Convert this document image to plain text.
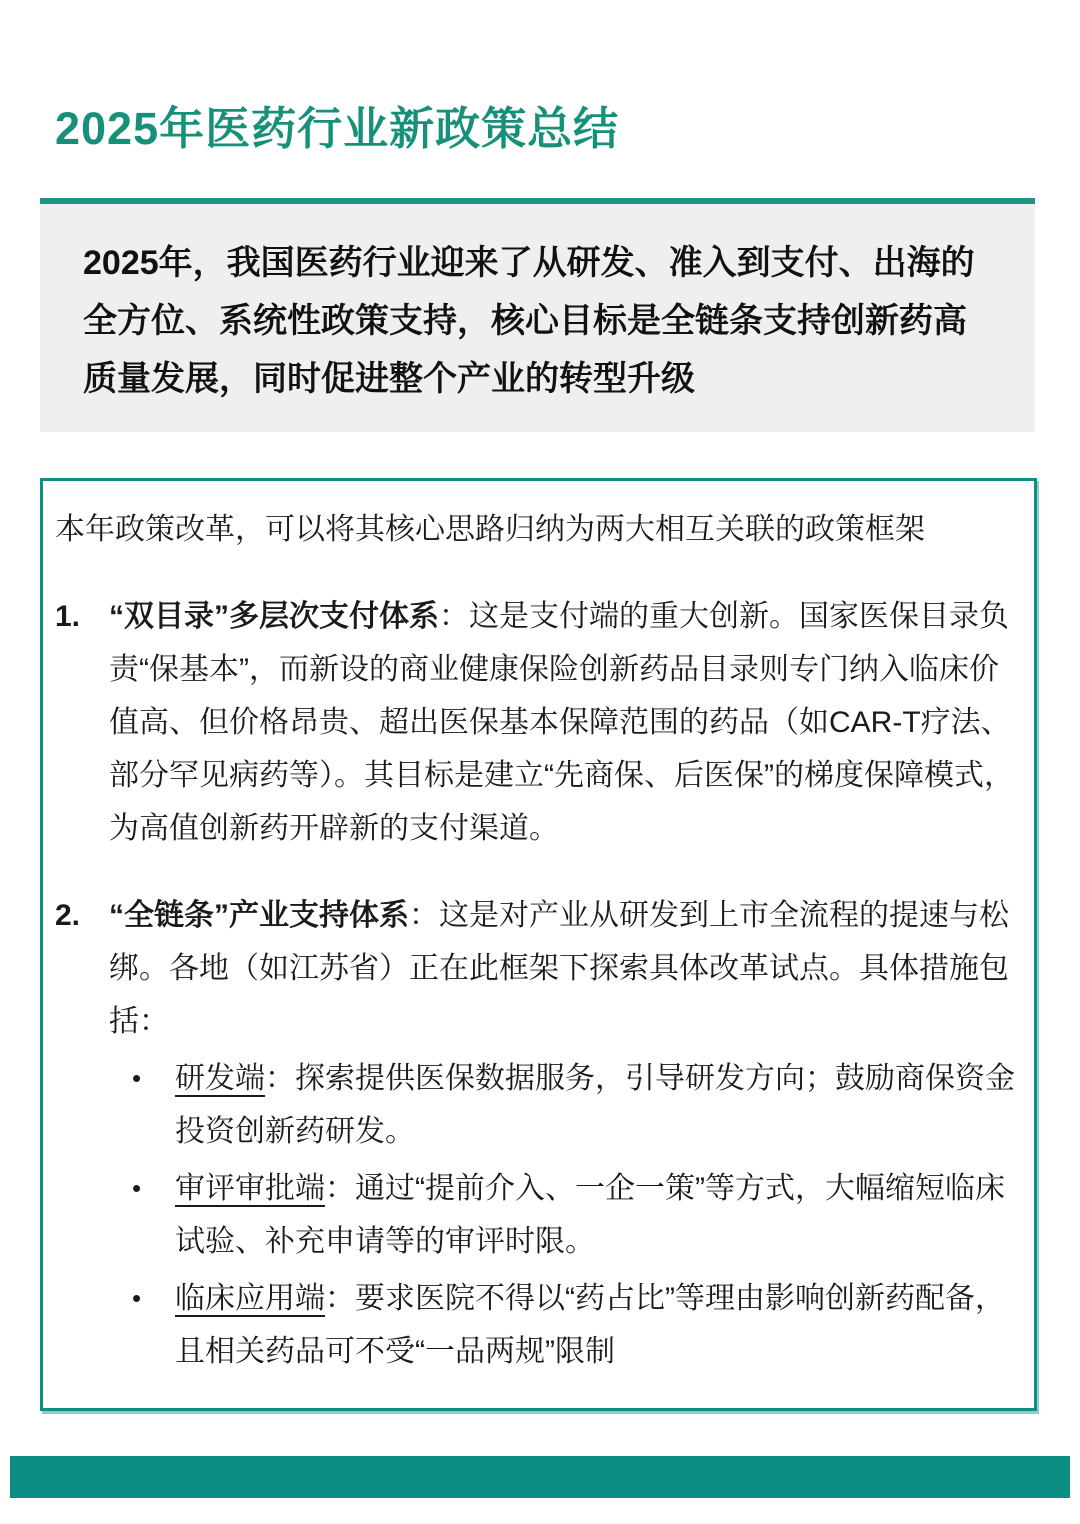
2025年医药行业新政策总结

2025年，我国医药行业迎来了从研发、准入到支付、出海的全方位、系统性政策支持，核心目标是全链条支持创新药高质量发展，同时促进整个产业的转型升级

本年政策改革，可以将其核心思路归纳为两大相互关联的政策框架

1. “双目录”多层次支付体系：这是支付端的重大创新。国家医保目录负责“保基本”，而新设的商业健康保险创新药品目录则专门纳入临床价值高、但价格昂贵、超出医保基本保障范围的药品（如CAR-T疗法、部分罕见病药等）。其目标是建立“先商保、后医保”的梯度保障模式，为高值创新药开辟新的支付渠道。

2. “全链条”产业支持体系：这是对产业从研发到上市全流程的提速与松绑。各地（如江苏省）正在此框架下探索具体改革试点。具体措施包括：

• 研发端：探索提供医保数据服务，引导研发方向；鼓励商保资金投资创新药研发。
• 审评审批端：通过“提前介入、一企一策”等方式，大幅缩短临床试验、补充申请等的审评时限。
• 临床应用端：要求医院不得以“药占比”等理由影响创新药配备，且相关药品可不受“一品两规”限制
